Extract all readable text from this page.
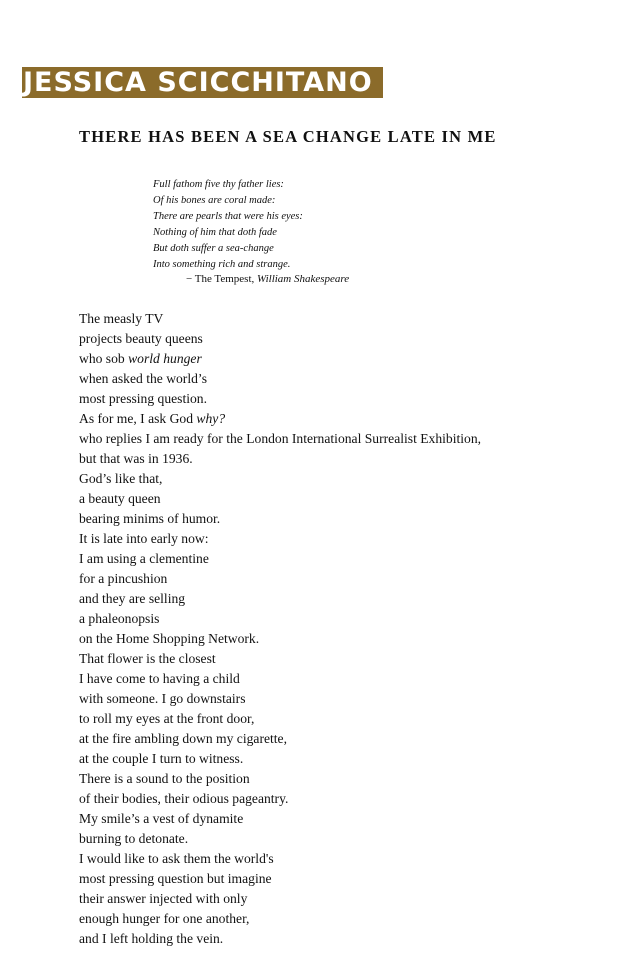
JESSICA SCICCHITANO
THERE HAS BEEN A SEA CHANGE LATE IN ME
Full fathom five thy father lies:
Of his bones are coral made:
There are pearls that were his eyes:
Nothing of him that doth fade
But doth suffer a sea-change
Into something rich and strange.
− The Tempest, William Shakespeare
The measly TV
projects beauty queens
who sob world hunger
when asked the world’s
most pressing question.
As for me, I ask God why?
who replies I am ready for the London International Surrealist Exhibition,
but that was in 1936.
God’s like that,
a beauty queen
bearing minims of humor.
It is late into early now:
I am using a clementine
for a pincushion
and they are selling
a phaleonopsis
on the Home Shopping Network.
That flower is the closest
I have come to having a child
with someone. I go downstairs
to roll my eyes at the front door,
at the fire ambling down my cigarette,
at the couple I turn to witness.
There is a sound to the position
of their bodies, their odious pageantry.
My smile’s a vest of dynamite
burning to detonate.
I would like to ask them the world's
most pressing question but imagine
their answer injected with only
enough hunger for one another,
and I left holding the vein.
